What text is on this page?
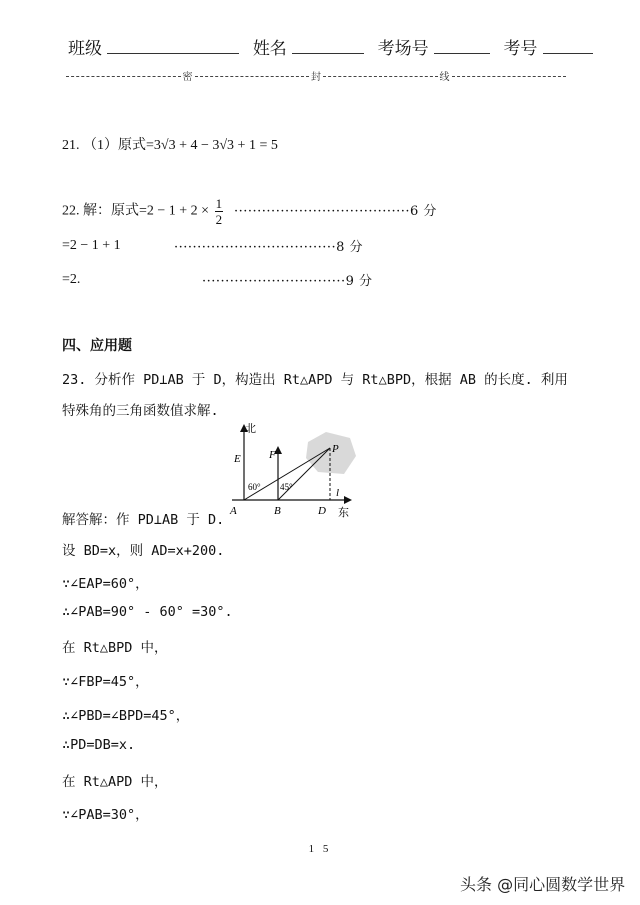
班级	姓名	考场号	考号
密	封	线
21. （1）原式=3√3 + 4 − 3√3 + 1 = 5
22. 解：原式$=2 - 1 + 2 \times \frac{1}{2} \cdot\cdot\cdot\cdot\cdot\cdot\cdot\cdot\cdot\cdot\cdot\cdot\cdot\cdot\cdot\cdot\cdot\cdot\cdot\cdot\cdot\cdot\cdot\cdot\cdot\cdot\cdot\cdot\cdot\cdot\cdot\cdot\cdot\cdot\cdot\cdot\cdot\cdot 6$ 分
=2 − 1 + 1	···································8 分
=2.	·······························9 分
四、应用题
23. 分析作 PD⊥AB 于 D，构造出 Rt△APD 与 Rt△BPD，根据 AB 的长度. 利用
特殊角的三角函数值求解.
北
E	F	P
60° 45°	l
A	B	D 东
解答解：作 PD⊥AB 于 D.
设 BD=x，则 AD=x+200.
∵∠EAP=60°，
∴∠PAB=90° - 60° =30°.
在 Rt△BPD 中，
∵∠FBP=45°，
∴∠PBD=∠BPD=45°，
∴PD=DB=x.
在 Rt△APD 中，
∵∠PAB=30°，
1 5
头条 @同心圆数学世界
